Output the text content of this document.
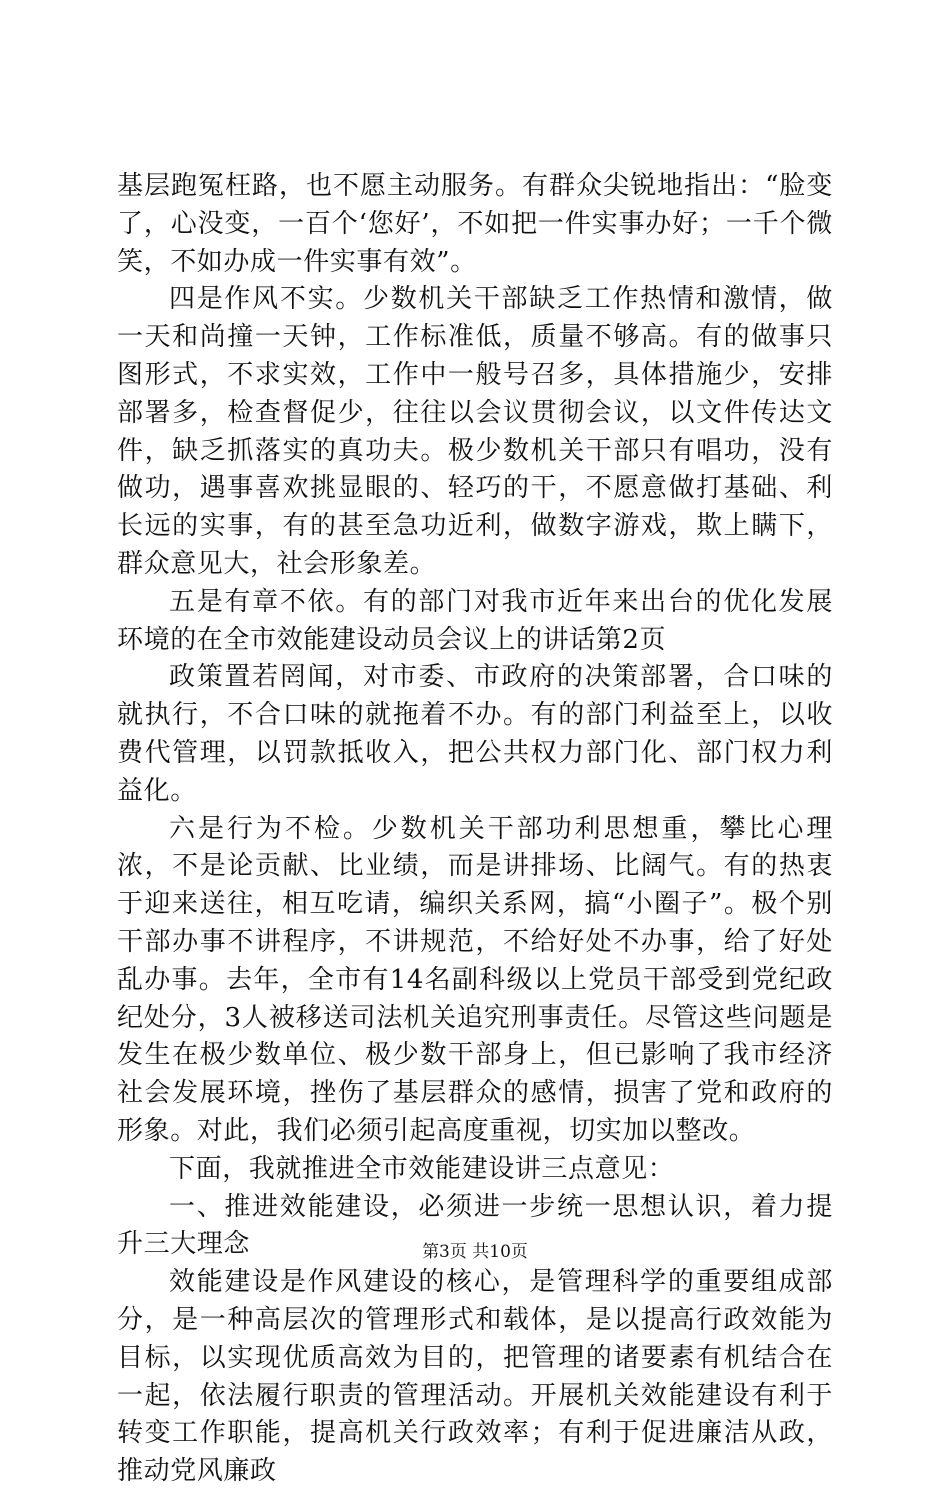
基层跑冤枉路，也不愿主动服务。有群众尖锐地指出：“脸变了，心没变，一百个‘您好’，不如把一件实事办好；一千个微笑，不如办成一件实事有效”。

四是作风不实。少数机关干部缺乏工作热情和激情，做一天和尚撞一天钟，工作标准低，质量不够高。有的做事只图形式，不求实效，工作中一般号召多，具体措施少，安排部署多，检查督促少，往往以会议贯彻会议，以文件传达文件，缺乏抓落实的真功夫。极少数机关干部只有唱功，没有做功，遇事喜欢挑显眼的、轻巧的干，不愿意做打基础、利长远的实事，有的甚至急功近利，做数字游戏，欺上瞒下，群众意见大，社会形象差。

五是有章不依。有的部门对我市近年来出台的优化发展环境的在全市效能建设动员会议上的讲话第2页

政策置若罔闻，对市委、市政府的决策部署，合口味的就执行，不合口味的就拖着不办。有的部门利益至上，以收费代管理，以罚款抵收入，把公共权力部门化、部门权力利益化。

六是行为不检。少数机关干部功利思想重，攀比心理浓，不是论贡献、比业绩，而是讲排场、比阔气。有的热衷于迎来送往，相互吃请，编织关系网，搞“小圈子”。极个别干部办事不讲程序，不讲规范，不给好处不办事，给了好处乱办事。去年，全市有14名副科级以上党员干部受到党纪政纪处分，3人被移送司法机关追究刑事责任。尽管这些问题是发生在极少数单位、极少数干部身上，但已影响了我市经济社会发展环境，挫伤了基层群众的感情，损害了党和政府的形象。对此，我们必须引起高度重视，切实加以整改。

下面，我就推进全市效能建设讲三点意见：

一、推进效能建设，必须进一步统一思想认识，着力提升三大理念

效能建设是作风建设的核心，是管理科学的重要组成部分，是一种高层次的管理形式和载体，是以提高行政效能为目标，以实现优质高效为目的，把管理的诸要素有机结合在一起，依法履行职责的管理活动。开展机关效能建设有利于转变工作职能，提高机关行政效率；有利于促进廉洁从政，推动党风廉政

第3页 共10页
